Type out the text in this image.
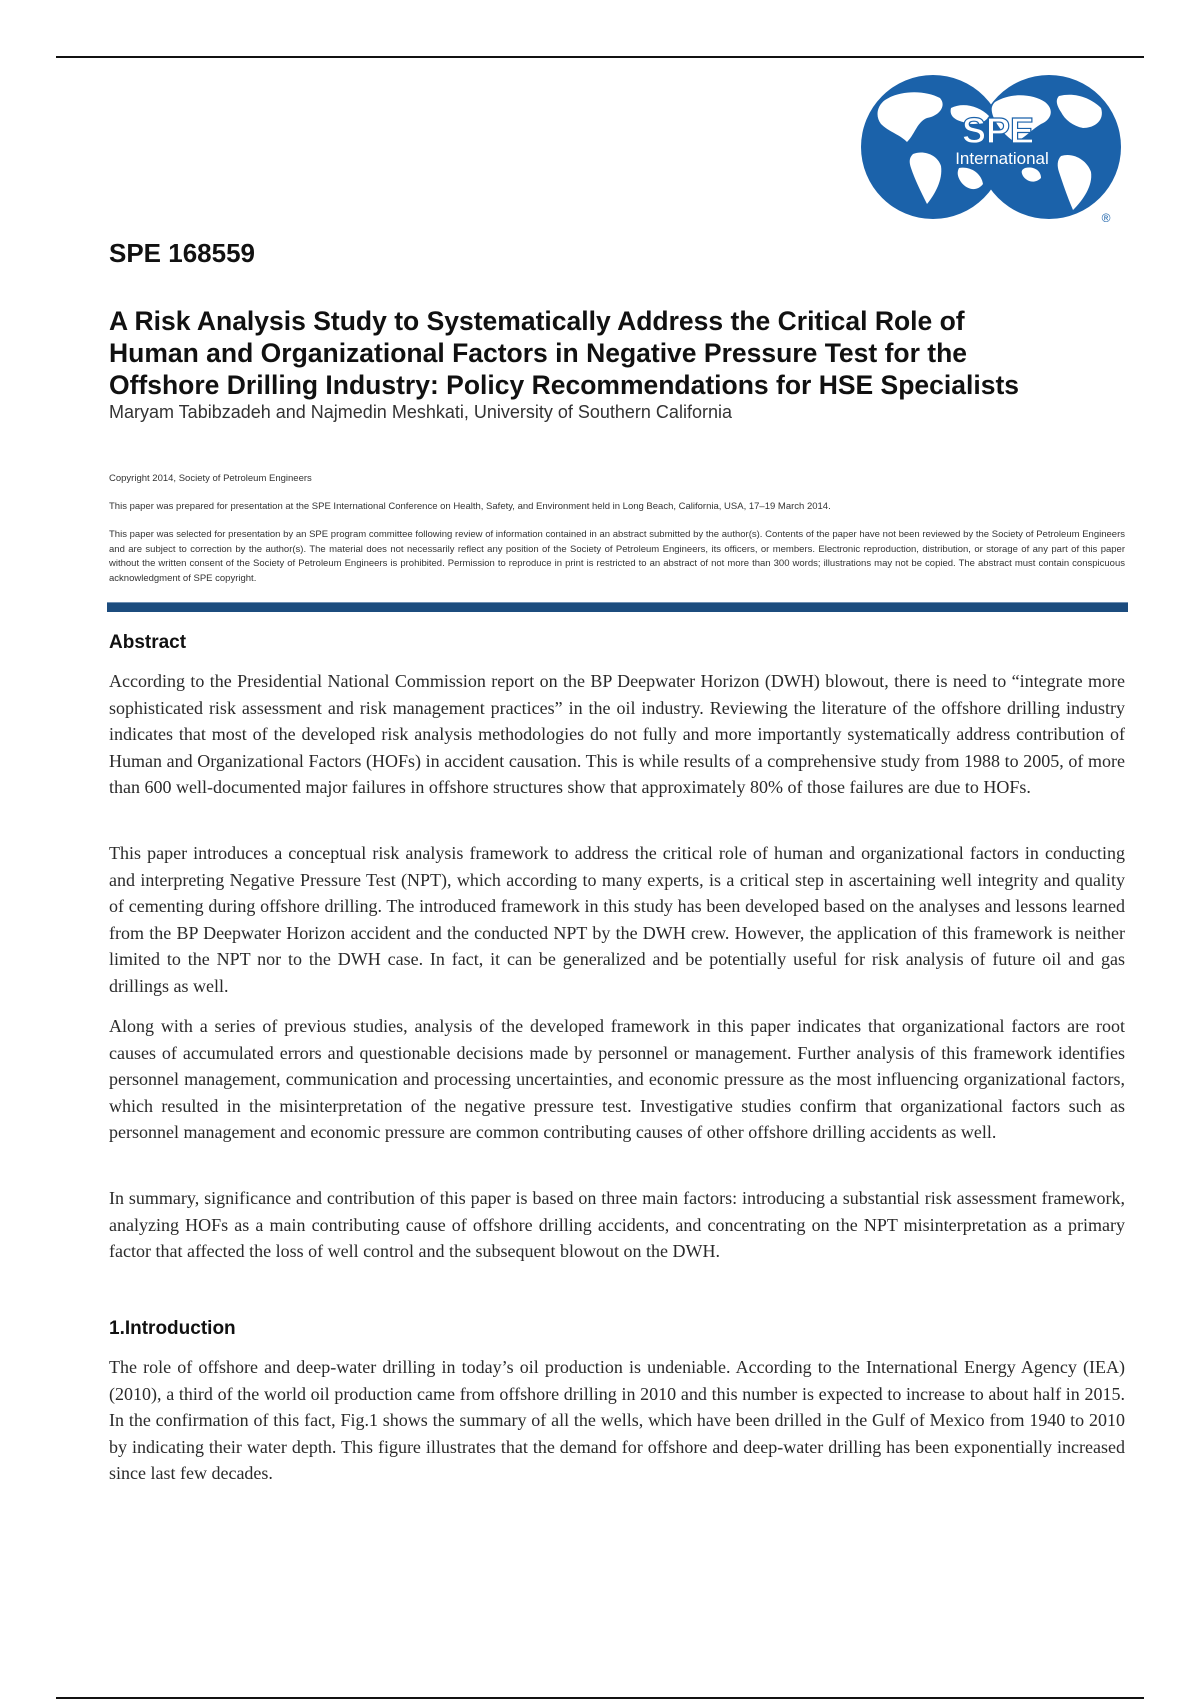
SPE
International
®
SPE 168559
A Risk Analysis Study to Systematically Address the Critical Role of
Human and Organizational Factors in Negative Pressure Test for the
Offshore Drilling Industry: Policy Recommendations for HSE Specialists

Maryam Tabibzadeh and Najmedin Meshkati, University of Southern California

Copyright 2014, Society of Petroleum Engineers

This paper was prepared for presentation at the SPE International Conference on Health, Safety, and Environment held in Long Beach, California, USA, 17–19 March 2014.

This paper was selected for presentation by an SPE program committee following review of information contained in an abstract submitted by the author(s). Contents of the paper have not been reviewed by the Society of Petroleum Engineers and are subject to correction by the author(s). The material does not necessarily reflect any position of the Society of Petroleum Engineers, its officers, or members. Electronic reproduction, distribution, or storage of any part of this paper without the written consent of the Society of Petroleum Engineers is prohibited. Permission to reproduce in print is restricted to an abstract of not more than 300 words; illustrations may not be copied. The abstract must contain conspicuous acknowledgment of SPE copyright.

Abstract

According to the Presidential National Commission report on the BP Deepwater Horizon (DWH) blowout, there is need to “integrate more sophisticated risk assessment and risk management practices” in the oil industry. Reviewing the literature of the offshore drilling industry indicates that most of the developed risk analysis methodologies do not fully and more importantly systematically address contribution of Human and Organizational Factors (HOFs) in accident causation. This is while results of a comprehensive study from 1988 to 2005, of more than 600 well-documented major failures in offshore structures show that approximately 80% of those failures are due to HOFs.

This paper introduces a conceptual risk analysis framework to address the critical role of human and organizational factors in conducting and interpreting Negative Pressure Test (NPT), which according to many experts, is a critical step in ascertaining well integrity and quality of cementing during offshore drilling. The introduced framework in this study has been developed based on the analyses and lessons learned from the BP Deepwater Horizon accident and the conducted NPT by the DWH crew. However, the application of this framework is neither limited to the NPT nor to the DWH case. In fact, it can be generalized and be potentially useful for risk analysis of future oil and gas drillings as well.

Along with a series of previous studies, analysis of the developed framework in this paper indicates that organizational factors are root causes of accumulated errors and questionable decisions made by personnel or management. Further analysis of this framework identifies personnel management, communication and processing uncertainties, and economic pressure as the most influencing organizational factors, which resulted in the misinterpretation of the negative pressure test. Investigative studies confirm that organizational factors such as personnel management and economic pressure are common contributing causes of other offshore drilling accidents as well.

In summary, significance and contribution of this paper is based on three main factors: introducing a substantial risk assessment framework, analyzing HOFs as a main contributing cause of offshore drilling accidents, and concentrating on the NPT misinterpretation as a primary factor that affected the loss of well control and the subsequent blowout on the DWH.

1.Introduction

The role of offshore and deep-water drilling in today’s oil production is undeniable. According to the International Energy Agency (IEA) (2010), a third of the world oil production came from offshore drilling in 2010 and this number is expected to increase to about half in 2015. In the confirmation of this fact, Fig.1 shows the summary of all the wells, which have been drilled in the Gulf of Mexico from 1940 to 2010 by indicating their water depth. This figure illustrates that the demand for offshore and deep-water drilling has been exponentially increased since last few decades.
